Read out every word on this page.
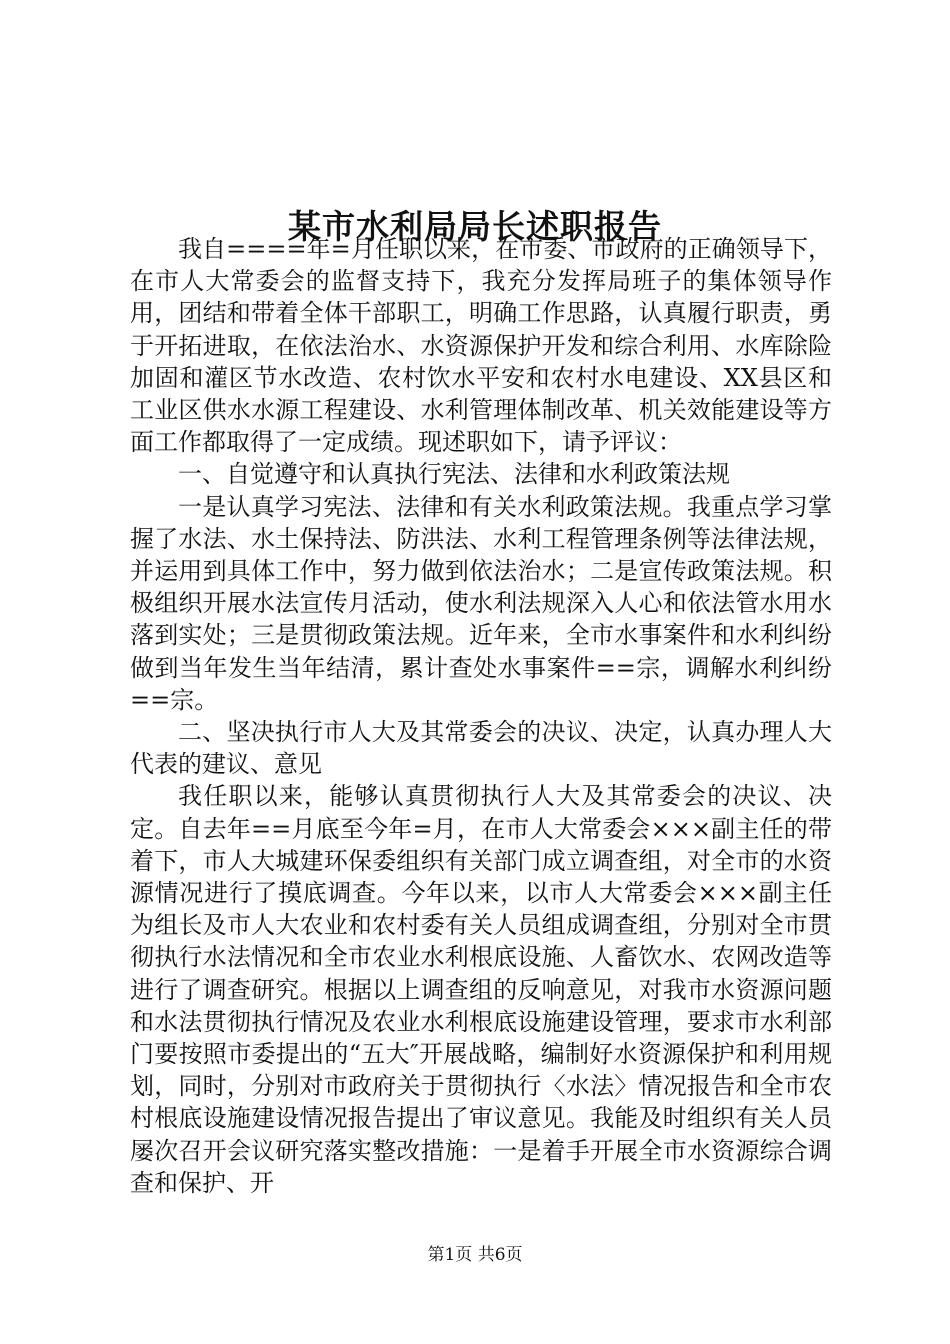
某市水利局局长述职报告

我自====年=月任职以来，在市委、市政府的正确领导下，在市人大常委会的监督支持下，我充分发挥局班子的集体领导作用，团结和带着全体干部职工，明确工作思路，认真履行职责，勇于开拓进取，在依法治水、水资源保护开发和综合利用、水库除险加固和灌区节水改造、农村饮水平安和农村水电建设、XX县区和工业区供水水源工程建设、水利管理体制改革、机关效能建设等方面工作都取得了一定成绩。现述职如下，请予评议：

一、自觉遵守和认真执行宪法、法律和水利政策法规

一是认真学习宪法、法律和有关水利政策法规。我重点学习掌握了水法、水土保持法、防洪法、水利工程管理条例等法律法规，并运用到具体工作中，努力做到依法治水；二是宣传政策法规。积极组织开展水法宣传月活动，使水利法规深入人心和依法管水用水落到实处；三是贯彻政策法规。近年来，全市水事案件和水利纠纷做到当年发生当年结清，累计查处水事案件==宗，调解水利纠纷==宗。

二、坚决执行市人大及其常委会的决议、决定，认真办理人大代表的建议、意见

我任职以来，能够认真贯彻执行人大及其常委会的决议、决定。自去年==月底至今年=月，在市人大常委会×××副主任的带着下，市人大城建环保委组织有关部门成立调查组，对全市的水资源情况进行了摸底调查。今年以来，以市人大常委会×××副主任为组长及市人大农业和农村委有关人员组成调查组，分别对全市贯彻执行水法情况和全市农业水利根底设施、人畜饮水、农网改造等进行了调查研究。根据以上调查组的反响意见，对我市水资源问题和水法贯彻执行情况及农业水利根底设施建设管理，要求市水利部门要按照市委提出的“五大″开展战略，编制好水资源保护和利用规划，同时，分别对市政府关于贯彻执行〈水法〉情况报告和全市农村根底设施建设情况报告提出了审议意见。我能及时组织有关人员屡次召开会议研究落实整改措施：一是着手开展全市水资源综合调查和保护、开

第1页 共6页
